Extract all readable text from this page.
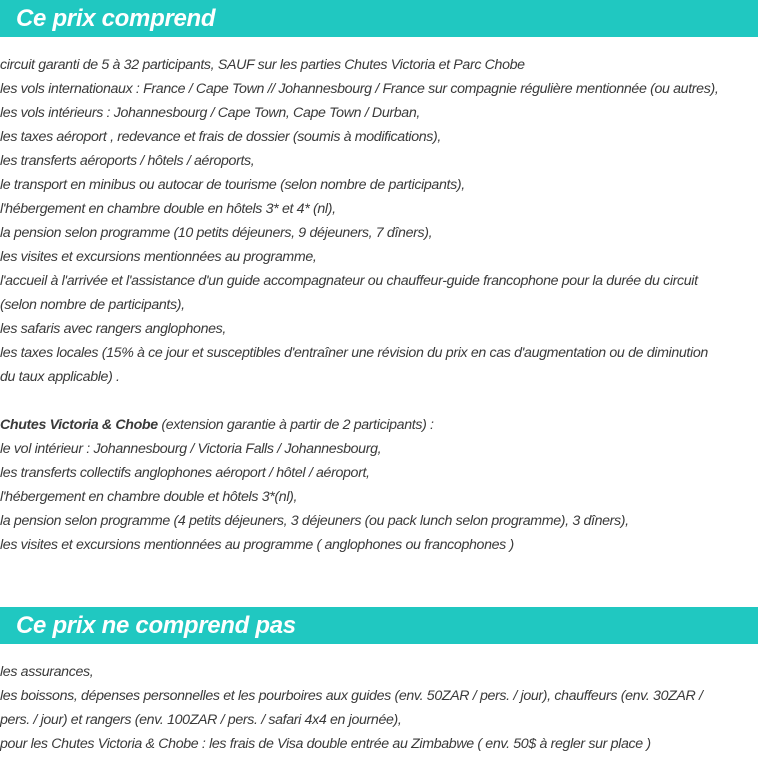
Ce prix comprend

circuit garanti de 5 à 32 participants, SAUF sur les parties Chutes Victoria et Parc Chobe

les vols internationaux : France / Cape Town // Johannesbourg / France sur compagnie régulière mentionnée (ou autres),

les vols intérieurs : Johannesbourg / Cape Town, Cape Town / Durban,

les taxes aéroport , redevance et frais de dossier (soumis à modifications),

les transferts aéroports / hôtels / aéroports,

le transport en minibus ou autocar de tourisme (selon nombre de participants),

l'hébergement en chambre double en hôtels 3* et 4* (nl),

la pension selon programme (10 petits déjeuners, 9 déjeuners, 7 dîners),

les visites et excursions mentionnées au programme,

l'accueil à l'arrivée et l'assistance d'un guide accompagnateur ou chauffeur-guide francophone pour la durée du circuit

(selon nombre de participants),

les safaris avec rangers anglophones,

les taxes locales (15% à ce jour et susceptibles d'entraîner une révision du prix en cas d'augmentation ou de diminution

du taux applicable) .

Chutes Victoria & Chobe (extension garantie à partir de 2 participants) :

le vol intérieur : Johannesbourg / Victoria Falls / Johannesbourg,

les transferts collectifs anglophones aéroport / hôtel / aéroport,

l'hébergement en chambre double et hôtels 3*(nl),

la pension selon programme (4 petits déjeuners, 3 déjeuners (ou pack lunch selon programme), 3 dîners),

les visites et excursions mentionnées au programme ( anglophones ou francophones )

Ce prix ne comprend pas

les assurances,

les boissons, dépenses personnelles et les pourboires aux guides (env. 50ZAR / pers. / jour), chauffeurs (env. 30ZAR /

pers. / jour) et rangers (env. 100ZAR / pers. / safari 4x4 en journée),

pour les Chutes Victoria & Chobe : les frais de Visa double entrée au Zimbabwe ( env. 50$ à regler sur place )
